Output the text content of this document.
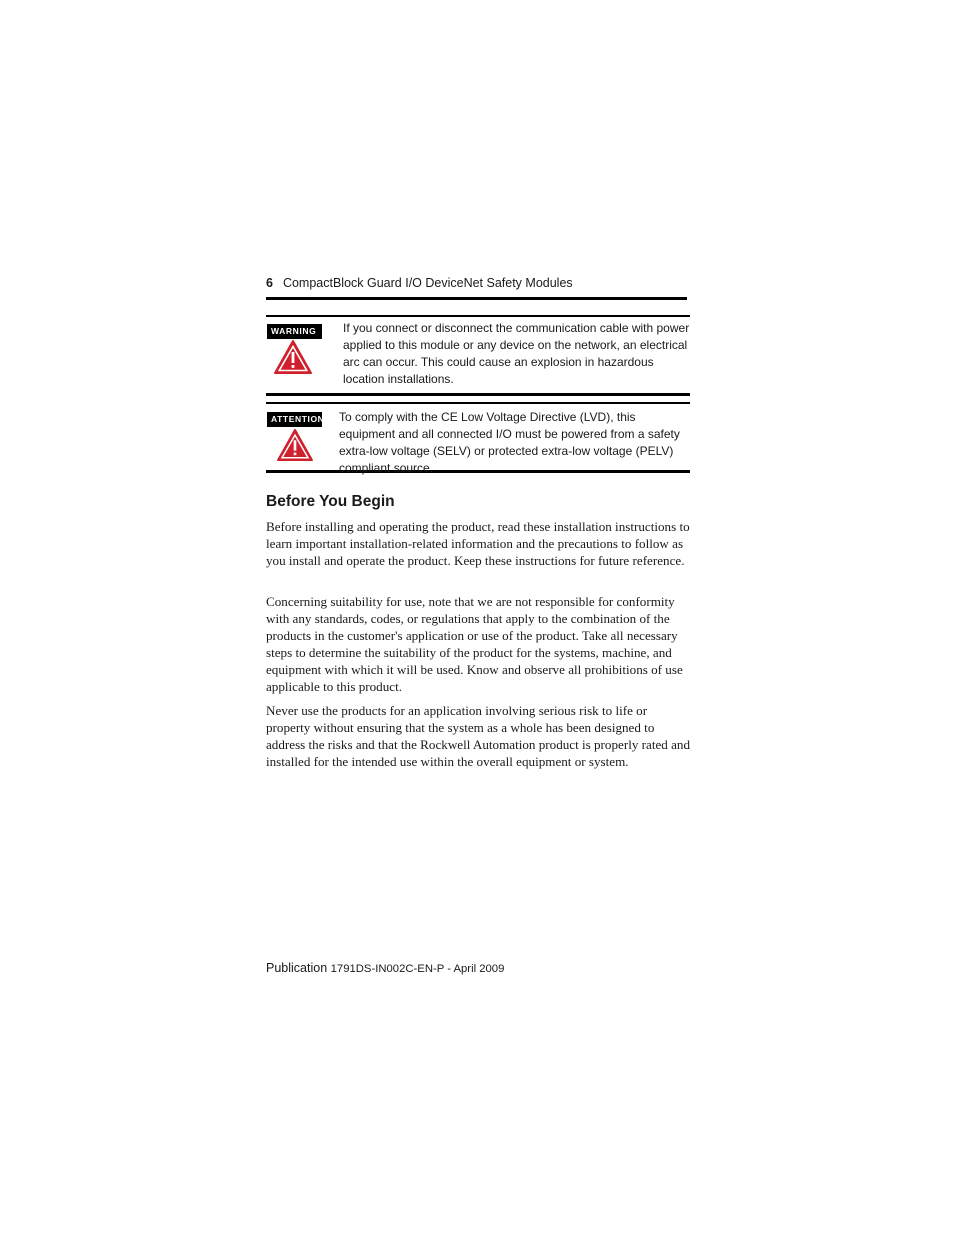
6 CompactBlock Guard I/O DeviceNet Safety Modules
WARNING	If you connect or disconnect the communication cable with power applied to this module or any device on the network, an electrical arc can occur. This could cause an explosion in hazardous location installations.
ATTENTION To comply with the CE Low Voltage Directive (LVD), this equipment and all connected I/O must be powered from a safety extra-low voltage (SELV) or protected extra-low voltage (PELV) compliant source.
Before You Begin

Before installing and operating the product, read these installation instructions to learn important installation-related information and the precautions to follow as you install and operate the product. Keep these instructions for future reference.

Concerning suitability for use, note that we are not responsible for conformity with any standards, codes, or regulations that apply to the combination of the products in the customer's application or use of the product. Take all necessary steps to determine the suitability of the product for the systems, machine, and equipment with which it will be used. Know and observe all prohibitions of use applicable to this product.

Never use the products for an application involving serious risk to life or property without ensuring that the system as a whole has been designed to address the risks and that the Rockwell Automation product is properly rated and installed for the intended use within the overall equipment or system.

Publication 1791DS-IN002C-EN-P - April 2009
